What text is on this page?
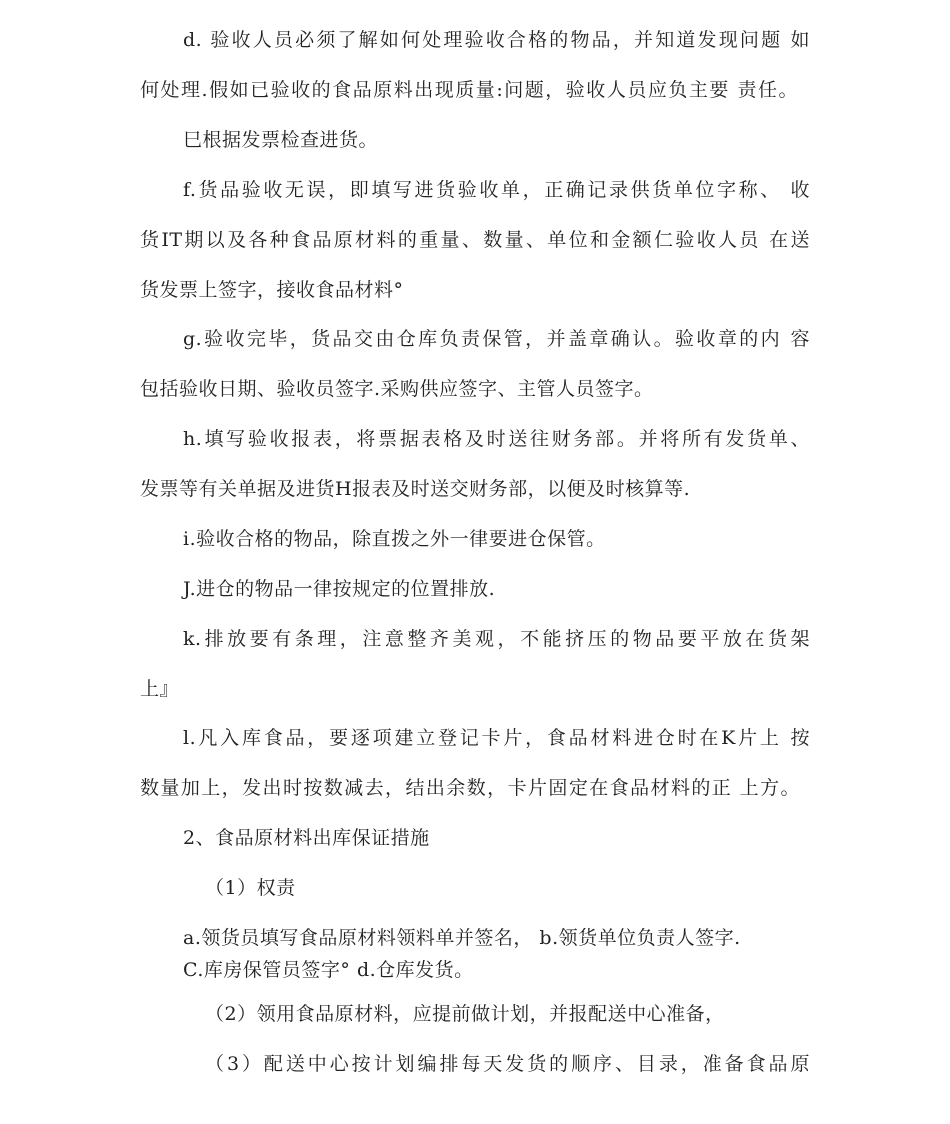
d. 验收人员必须了解如何处理验收合格的物品，并知道发现问题 如
何处理.假如已验收的食品原料出现质量:问题，验收人员应负主要 责任。
巳根据发票检查进货。
f.货品验收无误，即填写进货验收单，正确记录供货单位字称、 收
货IT期以及各种食品原材料的重量、数量、单位和金额仁验收人员 在送
货发票上签字，接收食品材料°
g.验收完毕，货品交由仓库负责保管，并盖章确认。验收章的内 容
包括验收日期、验收员签字.采购供应签字、主管人员签字。
h.填写验收报表，将票据表格及时送往财务部。并将所有发货单、
发票等有关单据及进货H报表及时送交财务部，以便及时核算等.
i.验收合格的物品，除直拨之外一律要进仓保管。
J.进仓的物品一律按规定的位置排放.
k.排放要有条理，注意整齐美观，不能挤压的物品要平放在货架
上』
l.凡入库食品，要逐项建立登记卡片，食品材料进仓时在K片上 按
数量加上，发出时按数减去，结出余数，卡片固定在食品材料的正 上方。
2、食品原材料出库保证措施
（1）权责
a.领货员填写食品原材料领料单并签名， b.领货单位负责人签字.
C.库房保管员签字° d.仓库发货。
（2）领用食品原材料，应提前做计划，并报配送中心准备，
（3）配送中心按计划编排每天发货的顺序、目录，准备食品原
